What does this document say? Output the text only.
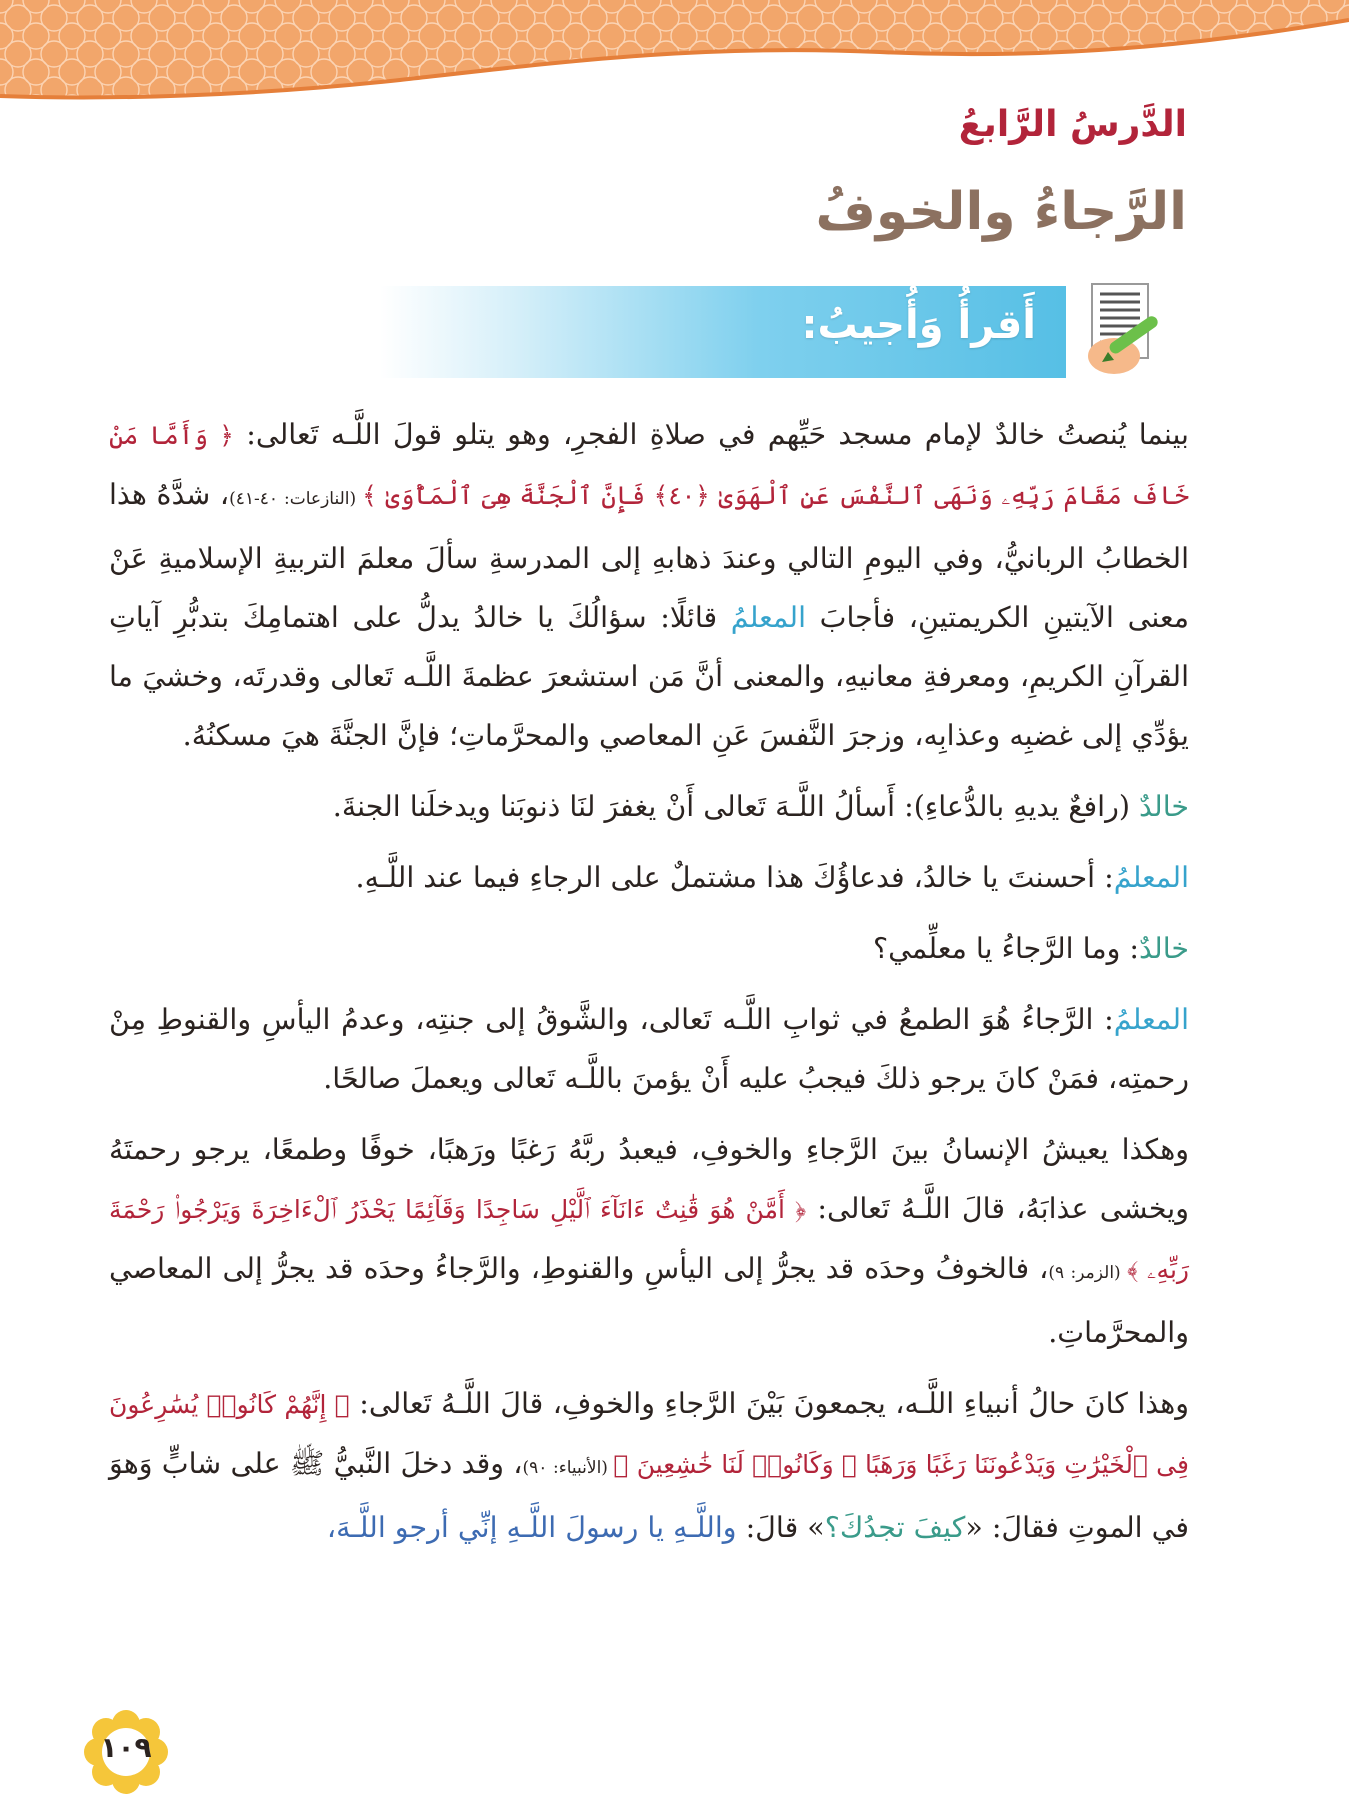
الدَّرسُ الرَّابعُ
الرَّجاءُ والخوفُ
أَقرأُ وَأُجيبُ:

بينما يُنصتُ خالدٌ لإمام مسجد حَيِّهم في صلاةِ الفجرِ، وهو يتلو قولَ اللَّـه تَعالى: ﴿ وَأَمَّا مَنْ خَافَ مَقَامَ رَبِّهِۦ وَنَهَى ٱلنَّفْسَ عَنِ ٱلْهَوَىٰ ﴿٤٠﴾ فَإِنَّ ٱلْجَنَّةَ هِىَ ٱلْمَأْوَىٰ ﴾ (النازعات: ٤٠-٤١)، شدَّهُ هذا الخطابُ الربانيُّ، وفي اليومِ التالي وعندَ ذهابهِ إلى المدرسةِ سألَ معلمَ التربيةِ الإسلاميةِ عَنْ معنى الآيتينِ الكريمتينِ، فأجابَ المعلمُ قائلًا: سؤالُكَ يا خالدُ يدلُّ على اهتمامِكَ بتدبُّرِ آياتِ القرآنِ الكريمِ، ومعرفةِ معانيهِ، والمعنى أنَّ مَن استشعرَ عظمةَ اللَّـه تَعالى وقدرتَه، وخشيَ ما يؤدِّي إلى غضبِه وعذابِه، وزجرَ النَّفسَ عَنِ المعاصي والمحرَّماتِ؛ فإنَّ الجنَّةَ هيَ مسكنُهُ.

خالدٌ (رافعٌ يديهِ بالدُّعاءِ): أَسألُ اللَّـهَ تَعالى أَنْ يغفرَ لنَا ذنوبَنا ويدخلَنا الجنةَ.

المعلمُ: أحسنتَ يا خالدُ، فدعاؤُكَ هذا مشتملٌ على الرجاءِ فيما عند اللَّـهِ.

خالدٌ: وما الرَّجاءُ يا معلِّمي؟

المعلمُ: الرَّجاءُ هُوَ الطمعُ في ثوابِ اللَّـه تَعالى، والشَّوقُ إلى جنتِه، وعدمُ اليأسِ والقنوطِ مِنْ رحمتِه، فمَنْ كانَ يرجو ذلكَ فيجبُ عليه أَنْ يؤمنَ باللَّـه تَعالى ويعملَ صالحًا.

وهكذا يعيشُ الإنسانُ بينَ الرَّجاءِ والخوفِ، فيعبدُ ربَّهُ رَغبًا ورَهبًا، خوفًا وطمعًا، يرجو رحمتَهُ ويخشى عذابَهُ، قالَ اللَّـهُ تَعالى: ﴿ أَمَّنْ هُوَ قَٰنِتٌ ءَانَآءَ ٱلَّيْلِ سَاجِدًا وَقَآئِمًا يَحْذَرُ ٱلْءَاخِرَةَ وَيَرْجُوا۟ رَحْمَةَ رَبِّهِۦ ﴾ (الزمر: ٩)، فالخوفُ وحدَه قد يجرُّ إلى اليأسِ والقنوطِ، والرَّجاءُ وحدَه قد يجرُّ إلى المعاصي والمحرَّماتِ.

وهذا كانَ حالُ أنبياءِ اللَّـه، يجمعونَ بَيْنَ الرَّجاءِ والخوفِ، قالَ اللَّـهُ تَعالى: ﴿ إِنَّهُمْ كَانُوا۟ يُسَٰرِعُونَ فِى ٱلْخَيْرَٰتِ وَيَدْعُونَنَا رَغَبًا وَرَهَبًا ۖ وَكَانُوا۟ لَنَا خَٰشِعِينَ ﴾ (الأنبياء: ٩٠)، وقد دخلَ النَّبيُّ ﷺ على شابٍّ وَهوَ في الموتِ فقالَ: «كيفَ تجدُكَ؟» قالَ: واللَّـهِ يا رسولَ اللَّـهِ إنِّي أرجو اللَّـهَ،

١٠٩
